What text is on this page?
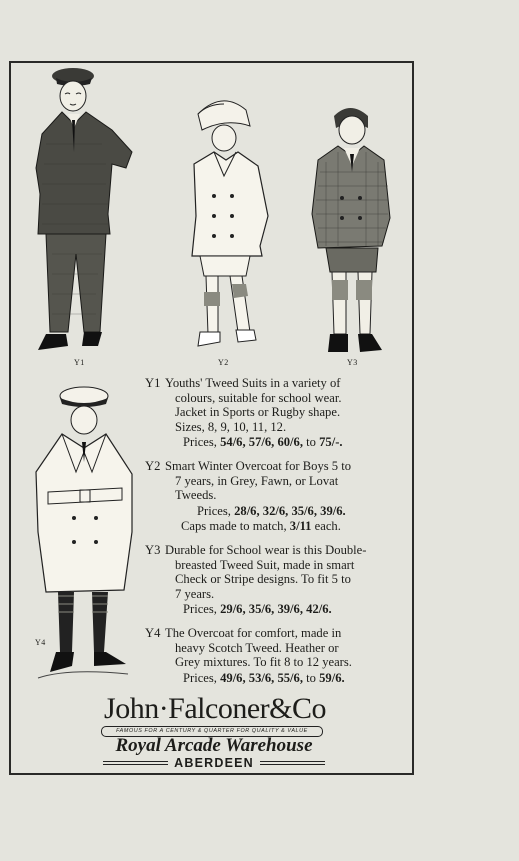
Y1	Y2	Y3
Y4

Y1 Youths' Tweed Suits in a variety of

colours, suitable for school wear.

Jacket in Sports or Rugby shape.

Sizes, 8, 9, 10, 11, 12.

Prices, 54/6, 57/6, 60/6, to 75/-.

Y2 Smart Winter Overcoat for Boys 5 to

7 years, in Grey, Fawn, or Lovat

Tweeds.

Prices, 28/6, 32/6, 35/6, 39/6.

Caps made to match, 3/11 each.

Y3 Durable for School wear is this Double-

breasted Tweed Suit, made in smart

Check or Stripe designs. To fit 5 to

7 years.

Prices, 29/6, 35/6, 39/6, 42/6.

Y4 The Overcoat for comfort, made in

heavy Scotch Tweed. Heather or

Grey mixtures. To fit 8 to 12 years.

Prices, 49/6, 53/6, 55/6, to 59/6.

John·Falconer&Co
FAMOUS FOR A CENTURY & QUARTER FOR QUALITY & VALUE
Royal Arcade Warehouse
ABERDEEN
